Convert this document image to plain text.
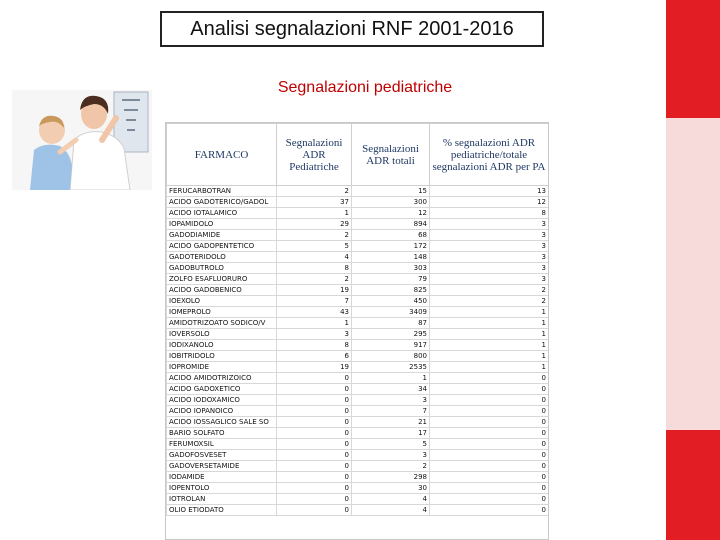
Analisi segnalazioni RNF 2001-2016
Segnalazioni pediatriche
FARMACO	Segnalazioni ADR Pediatriche	Segnalazioni ADR totali	% segnalazioni ADR pediatriche/totale segnalazioni ADR per PA
FERUCARBOTRAN	2	15	13
ACIDO GADOTERICO/GADOL	37	300	12
ACIDO IOTALAMICO	1	12	8
IOPAMIDOLO	29	894	3
GADODIAMIDE	2	68	3
ACIDO GADOPENTETICO	5	172	3
GADOTERIDOLO	4	148	3
GADOBUTROLO	8	303	3
ZOLFO ESAFLUORURO	2	79	3
ACIDO GADOBENICO	19	825	2
IOEXOLO	7	450	2
IOMEPROLO	43	3409	1
AMIDOTRIZOATO SODICO/V	1	87	1
IOVERSOLO	3	295	1
IODIXANOLO	8	917	1
IOBITRIDOLO	6	800	1
IOPROMIDE	19	2535	1
ACIDO AMIDOTRIZOICO	0	1	0
ACIDO GADOXETICO	0	34	0
ACIDO IODOXAMICO	0	3	0
ACIDO IOPANOICO	0	7	0
ACIDO IOSSAGLICO SALE SO	0	21	0
BARIO SOLFATO	0	17	0
FERUMOXSIL	0	5	0
GADOFOSVESET	0	3	0
GADOVERSETAMIDE	0	2	0
IODAMIDE	0	298	0
IOPENTOLO	0	30	0
IOTROLAN	0	4	0
OLIO ETIODATO	0	4	0
